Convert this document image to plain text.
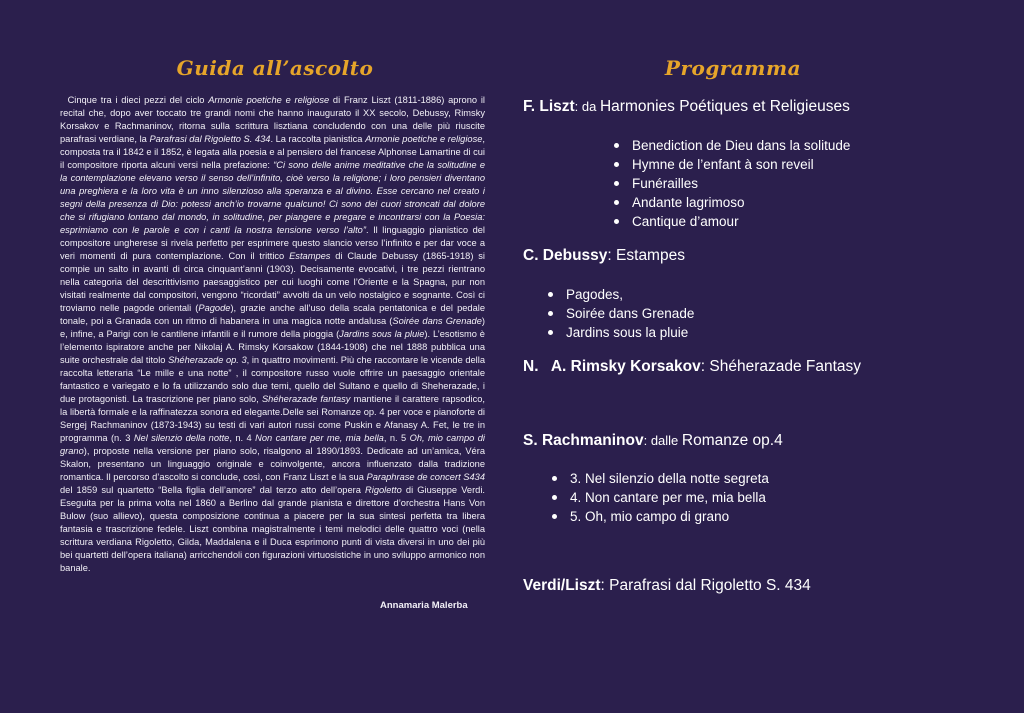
Guida all’ascolto
Cinque tra i dieci pezzi del ciclo Armonie poetiche e religiose di Franz Liszt (1811-1886) aprono il recital che, dopo aver toccato tre grandi nomi che hanno inaugurato il XX secolo, Debussy, Rimsky Korsakov e Rachmaninov, ritorna sulla scrittura lisztiana concludendo con una delle più riuscite parafrasi verdiane, la Parafrasi dal Rigoletto S. 434. La raccolta pianistica Armonie poetiche e religiose, composta tra il 1842 e il 1852, è legata alla poesia e al pensiero del francese Alphonse Lamartine di cui il compositore riporta alcuni versi nella prefazione: “Ci sono delle anime meditative che la solitudine e la contemplazione elevano verso il senso dell’infinito, cioè verso la religione; i loro pensieri diventano una preghiera e la loro vita è un inno silenzioso alla speranza e al divino. Esse cercano nel creato i segni della presenza di Dio: potessi anch’io trovarne qualcuno! Ci sono dei cuori stroncati dal dolore che si rifugiano lontano dal mondo, in solitudine, per piangere e pregare e incontrarsi con la Poesia: esprimiamo con le parole e con i canti la nostra tensione verso l’alto”. Il linguaggio pianistico del compositore ungherese si rivela perfetto per esprimere questo slancio verso l’infinito e per dar voce a veri momenti di pura contemplazione. Con il trittico Estampes di Claude Debussy (1865-1918) si compie un salto in avanti di circa cinquant’anni (1903). Decisamente evocativi, i tre pezzi rientrano nella categoria del descrittivismo paesaggistico per cui luoghi come l’Oriente e la Spagna, pur non visitati realmente dal compositori, vengono “ricordati” avvolti da un velo nostalgico e sognante. Così ci troviamo nelle pagode orientali (Pagode), grazie anche all’uso della scala pentatonica e del pedale tonale, poi a Granada con un ritmo di habanera in una magica notte andalusa (Soirée dans Grenade) e, infine, a Parigi con le cantilene infantili e il rumore della pioggia (Jardins sous la pluie). L’esotismo è l’elemento ispiratore anche per Nikolaj A. Rimsky Korsakow (1844-1908) che nel 1888 pubblica una suite orchestrale dal titolo Shéherazade op. 3, in quattro movimenti. Più che raccontare le vicende della raccolta letteraria “Le mille e una notte” , il compositore russo vuole offrire un paesaggio orientale fantastico e variegato e lo fa utilizzando solo due temi, quello del Sultano e quello di Sheherazade, i due protagonisti. La trascrizione per piano solo, Shéherazade fantasy mantiene il carattere rapsodico, la libertà formale e la raffinatezza sonora ed elegante.Delle sei Romanze op. 4 per voce e pianoforte di Sergej Rachmaninov (1873-1943) su testi di vari autori russi come Puskin e Afanasy A. Fet, le tre in programma (n. 3 Nel silenzio della notte, n. 4 Non cantare per me, mia bella, n. 5 Oh, mio campo di grano), proposte nella versione per piano solo, risalgono al 1890/1893. Dedicate ad un’amica, Véra Skalon, presentano un linguaggio originale e coinvolgente, ancora influenzato dalla tradizione romantica. Il percorso d’ascolto si conclude, così, con Franz Liszt e la sua Paraphrase de concert S434 del 1859 sul quartetto “Bella figlia dell’amore” dal terzo atto dell’opera Rigoletto di Giuseppe Verdi. Eseguita per la prima volta nel 1860 a Berlino dal grande pianista e direttore d’orchestra Hans Von Bulow (suo allievo), questa composizione continua a piacere per la sua sintesi perfetta tra libera fantasia e trascrizione fedele. Liszt combina magistralmente i temi melodici delle quattro voci (nella scrittura verdiana Rigoletto, Gilda, Maddalena e il Duca esprimono punti di vista diversi in uno dei più bei quartetti dell’opera italiana) arricchendoli con figurazioni virtuosistiche in uno sviluppo armonico non banale.
Annamaria Malerba
Programma

F. Liszt: da Harmonies Poétiques et Religieuses

Benediction de Dieu dans la solitude
Hymne de l’enfant à son reveil
Funérailles
Andante lagrimoso
Cantique d’amour

C. Debussy: Estampes

Pagodes,
Soirée dans Grenade
Jardins sous la pluie

N.   A. Rimsky Korsakov: Shéherazade Fantasy

S. Rachmaninov: dalle Romanze op.4

3. Nel silenzio della notte segreta
4. Non cantare per me, mia bella
5. Oh, mio campo di grano

Verdi/Liszt: Parafrasi dal Rigoletto S. 434
